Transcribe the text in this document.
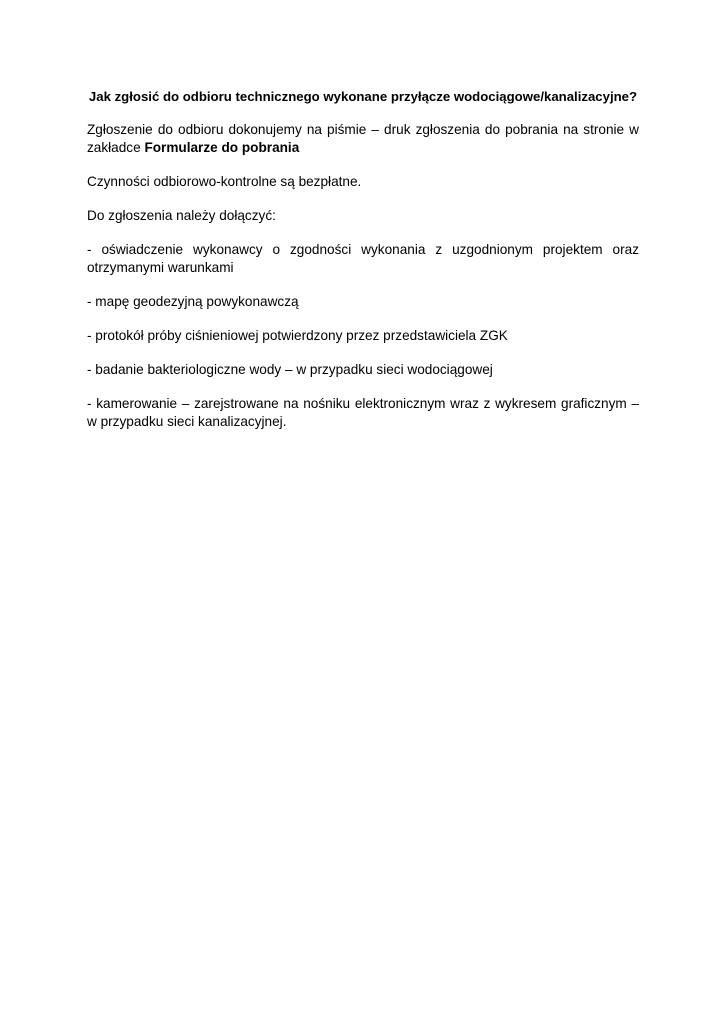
Jak zgłosić do odbioru technicznego wykonane przyłącze wodociągowe/kanalizacyjne?

Zgłoszenie do odbioru dokonujemy na piśmie – druk zgłoszenia do pobrania na stronie w zakładce Formularze do pobrania

Czynności odbiorowo-kontrolne są bezpłatne.

Do zgłoszenia należy dołączyć:

- oświadczenie wykonawcy o zgodności wykonania z uzgodnionym projektem oraz otrzymanymi warunkami

- mapę geodezyjną powykonawczą

- protokół próby ciśnieniowej potwierdzony przez przedstawiciela ZGK

- badanie bakteriologiczne wody – w przypadku sieci wodociągowej

- kamerowanie – zarejstrowane na nośniku elektronicznym wraz z wykresem graficznym – w przypadku sieci kanalizacyjnej.
